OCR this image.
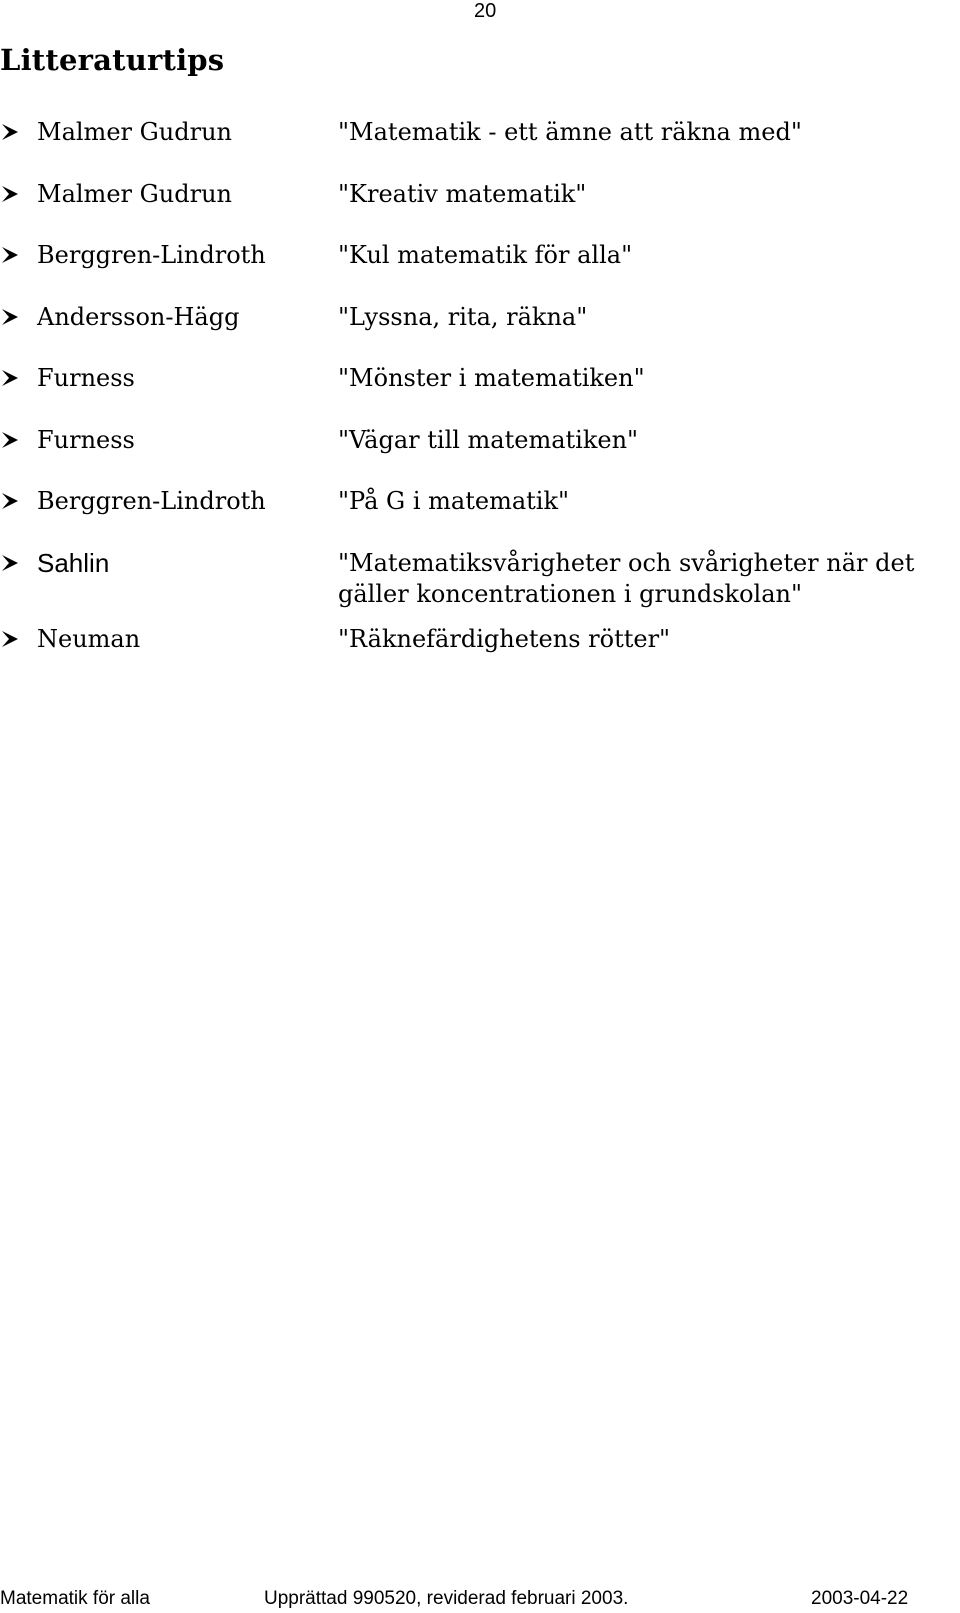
20
Litteraturtips
Malmer Gudrun	"Matematik - ett ämne att räkna med"
Malmer Gudrun	"Kreativ matematik"
Berggren-Lindroth	"Kul matematik för alla"
Andersson-Hägg	"Lyssna, rita, räkna"
Furness	"Mönster i matematiken"
Furness	"Vägar till matematiken"
Berggren-Lindroth	"På G i matematik"
Sahlin	"Matematiksvårigheter och svårigheter när det gäller koncentrationen i grundskolan"
Neuman	"Räknefärdighetens rötter"
Matematik för alla	Upprättad 990520, reviderad februari 2003.	2003-04-22
